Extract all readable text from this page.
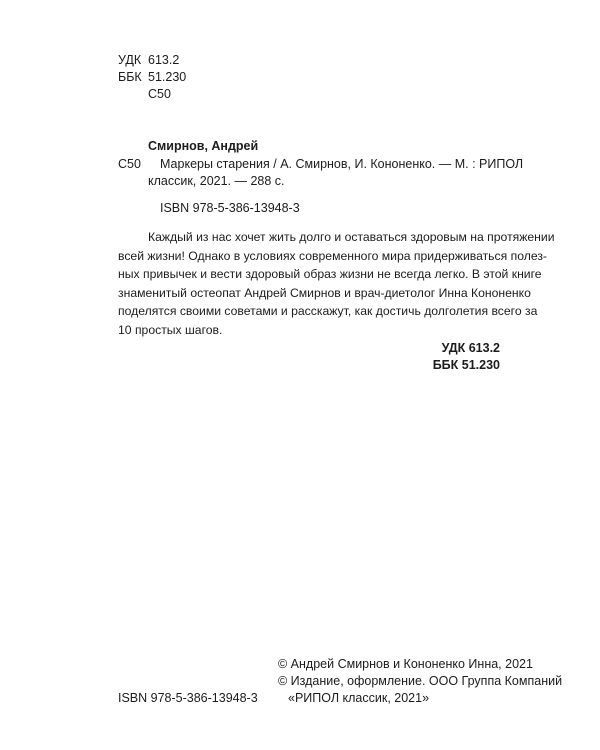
УДК 613.2
ББК 51.230
С50
Смирнов, Андрей
С50 Маркеры старения / А. Смирнов, И. Кононенко. — М. : РИПОЛ
классик, 2021. — 288 с.
ISBN 978-5-386-13948-3
Каждый из нас хочет жить долго и оставаться здоровым на протяжении
всей жизни! Однако в условиях современного мира придерживаться полез-
ных привычек и вести здоровый образ жизни не всегда легко. В этой книге
знаменитый остеопат Андрей Смирнов и врач-диетолог Инна Кононенко
поделятся своими советами и расскажут, как достичь долголетия всего за
10 простых шагов.
УДК 613.2
ББК 51.230
© Андрей Смирнов и Кононенко Инна, 2021
© Издание, оформление. ООО Группа Компаний
ISBN 978-5-386-13948-3 «РИПОЛ классик, 2021»
